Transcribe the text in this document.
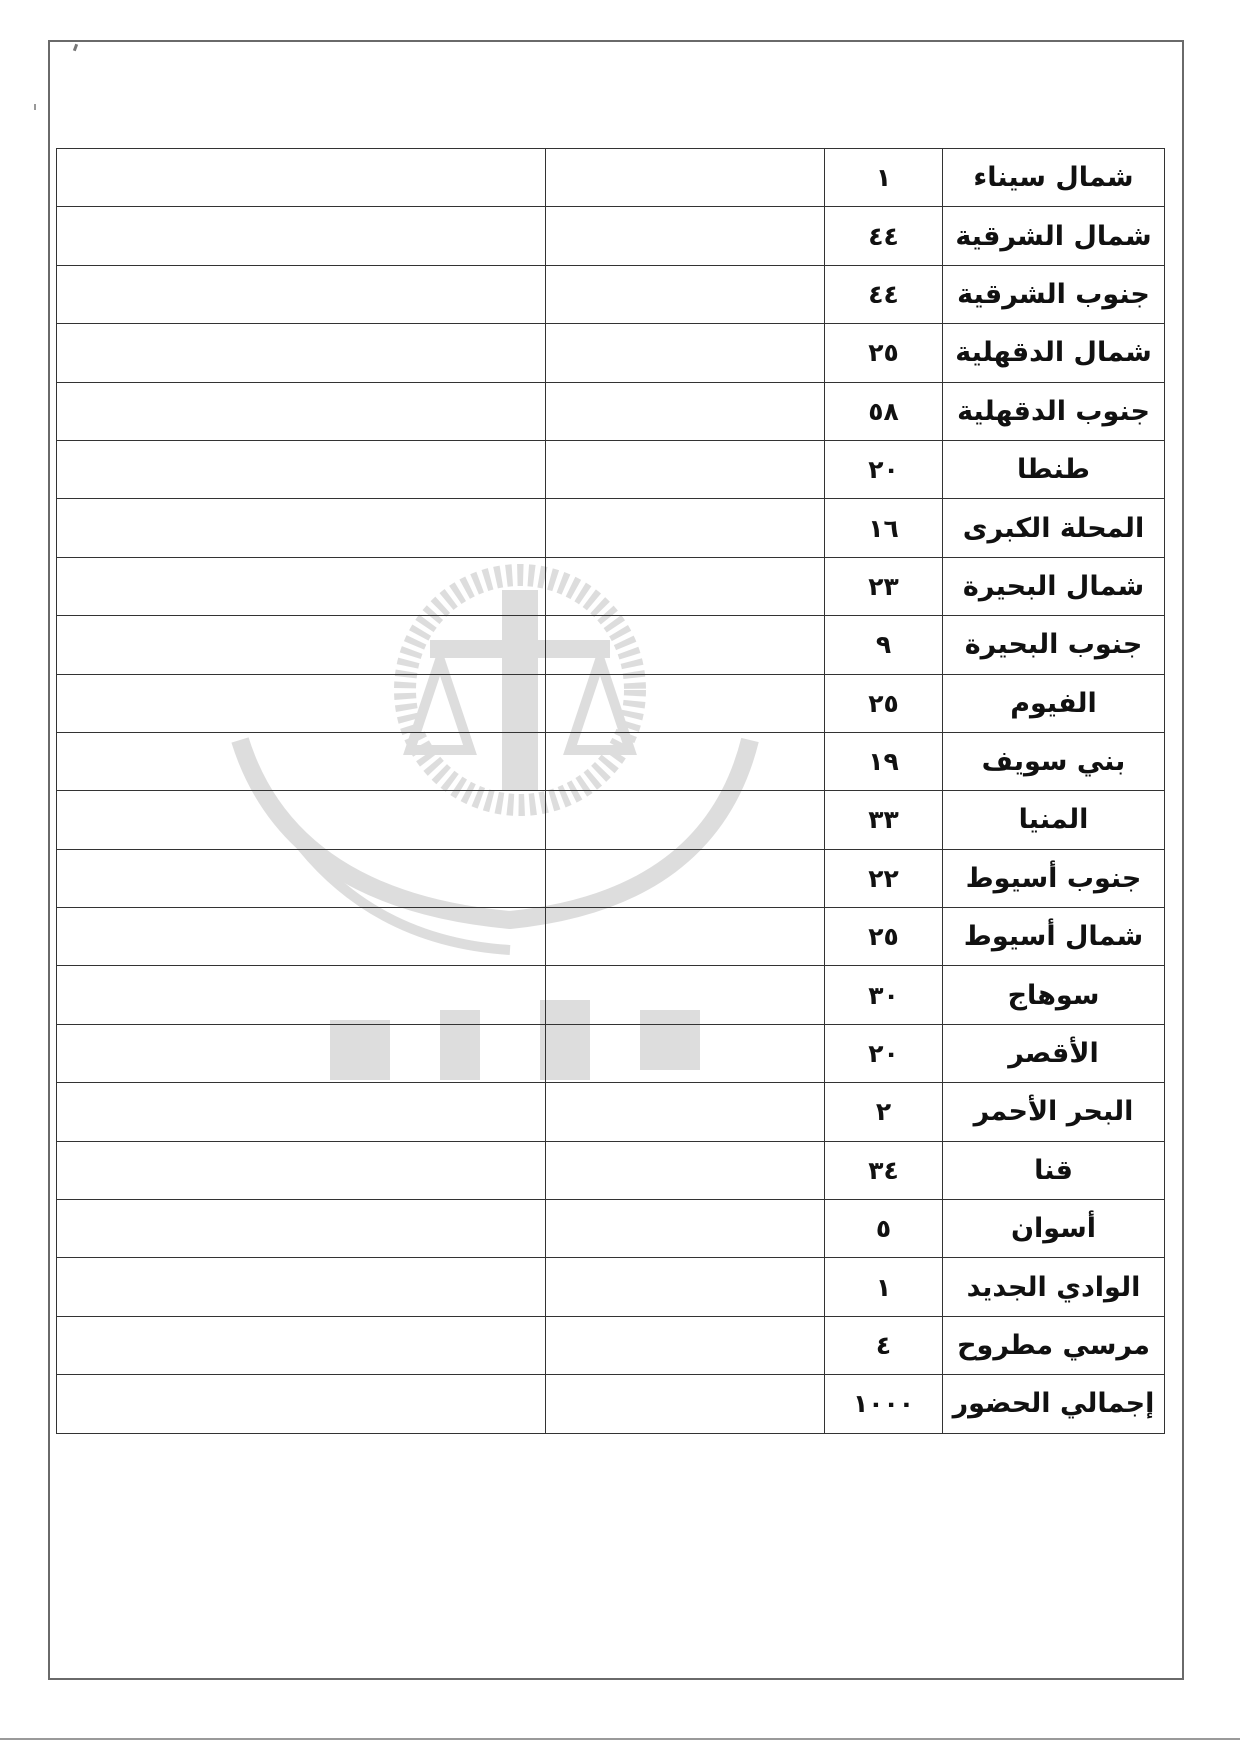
شمال سيناء	١		
شمال الشرقية	٤٤		
جنوب الشرقية	٤٤		
شمال الدقهلية	٢٥		
جنوب الدقهلية	٥٨		
طنطا	٢٠		
المحلة الكبرى	١٦		
شمال البحيرة	٢٣		
جنوب البحيرة	٩		
الفيوم	٢٥		
بني سويف	١٩		
المنيا	٣٣		
جنوب أسيوط	٢٢		
شمال أسيوط	٢٥		
سوهاج	٣٠		
الأقصر	٢٠		
البحر الأحمر	٢		
قنا	٣٤		
أسوان	٥		
الوادي الجديد	١		
مرسي مطروح	٤		
إجمالي الحضور	١٠٠٠		
